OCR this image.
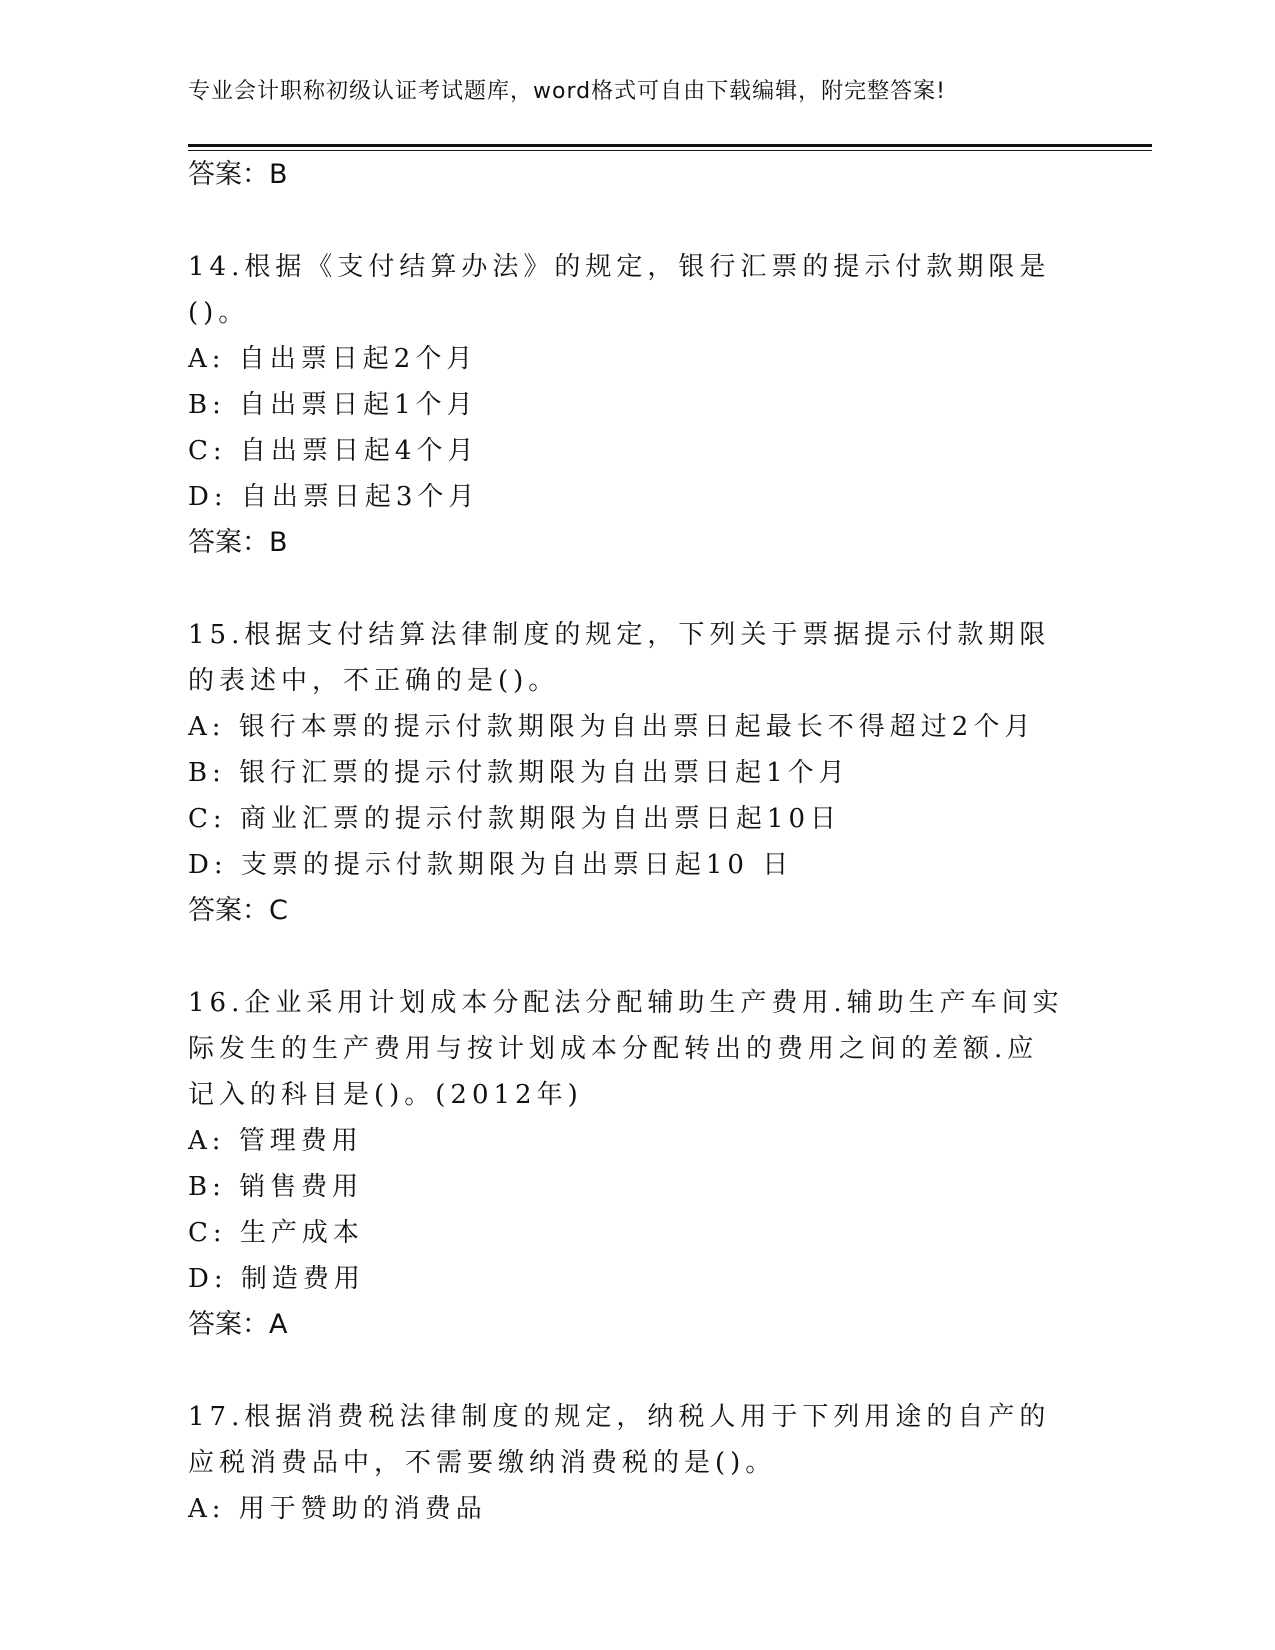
专业会计职称初级认证考试题库，word格式可自由下载编辑，附完整答案!
答案：B
14.根据《支付结算办法》的规定，银行汇票的提示付款期限是()。
A: 自出票日起2个月
B: 自出票日起1个月
C: 自出票日起4个月
D: 自出票日起3个月
答案：B
15.根据支付结算法律制度的规定，下列关于票据提示付款期限的表述中，不正确的是()。
A: 银行本票的提示付款期限为自出票日起最长不得超过2个月
B: 银行汇票的提示付款期限为自出票日起1个月
C: 商业汇票的提示付款期限为自出票日起10日
D: 支票的提示付款期限为自出票日起10 日
答案：C
16.企业采用计划成本分配法分配辅助生产费用.辅助生产车间实际发生的生产费用与按计划成本分配转出的费用之间的差额.应记入的科目是()。(2012年)
A: 管理费用
B: 销售费用
C: 生产成本
D: 制造费用
答案：A
17.根据消费税法律制度的规定，纳税人用于下列用途的自产的应税消费品中，不需要缴纳消费税的是()。
A: 用于赞助的消费品
